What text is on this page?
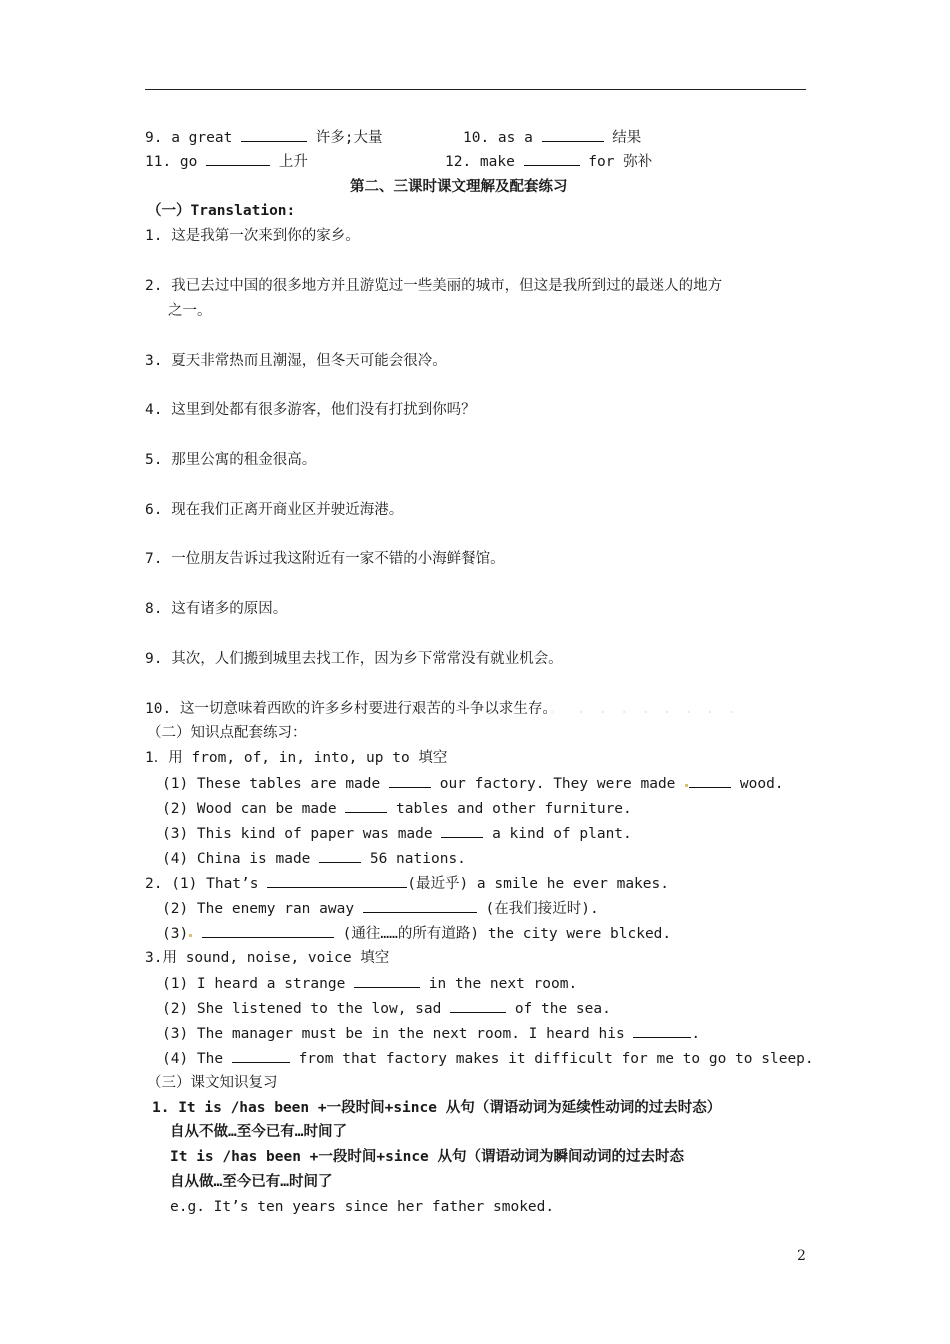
9. a great	许多;大量	10. as a	结果
11. go	上升	12. make	for 弥补
第二、三课时课文理解及配套练习
（一）Translation:
1. 这是我第一次来到你的家乡。
2. 我已去过中国的很多地方并且游览过一些美丽的城市，但这是我所到过的最迷人的地方
之一。
3. 夏天非常热而且潮湿，但冬天可能会很冷。
4. 这里到处都有很多游客，他们没有打扰到你吗？
5. 那里公寓的租金很高。
6. 现在我们正离开商业区并驶近海港。
7. 一位朋友告诉过我这附近有一家不错的小海鲜餐馆。
8. 这有诸多的原因。
9. 其次，人们搬到城里去找工作，因为乡下常常没有就业机会。
10. 这一切意味着西欧的许多乡村要进行艰苦的斗争以求生存。。 . . . . . . . .
（二）知识点配套练习：
1．用 from, of, in, into, up to 填空
(1) These tables are made	our factory. They were made	wood.
(2) Wood can be made	tables and other furniture.
(3) This kind of paper was made	a kind of plant.
(4) China is made	56 nations.
2. (1) That’s	(最近乎) a smile he ever makes.
(2) The enemy ran away	(在我们接近时).
(3)	(通往……的所有道路) the city were blcked.
3.用 sound, noise, voice 填空
(1) I heard a strange	in the next room.
(2) She listened to the low, sad	of the sea.
(3) The manager must be in the next room. I heard his	.
(4) The	from that factory makes it difficult for me to go to sleep.
（三）课文知识复习
1. It is /has been +一段时间+since 从句（谓语动词为延续性动词的过去时态）
自从不做…至今已有…时间了
It is /has been +一段时间+since 从句（谓语动词为瞬间动词的过去时态
自从做…至今已有…时间了
e.g. It’s ten years since her father smoked.
2
